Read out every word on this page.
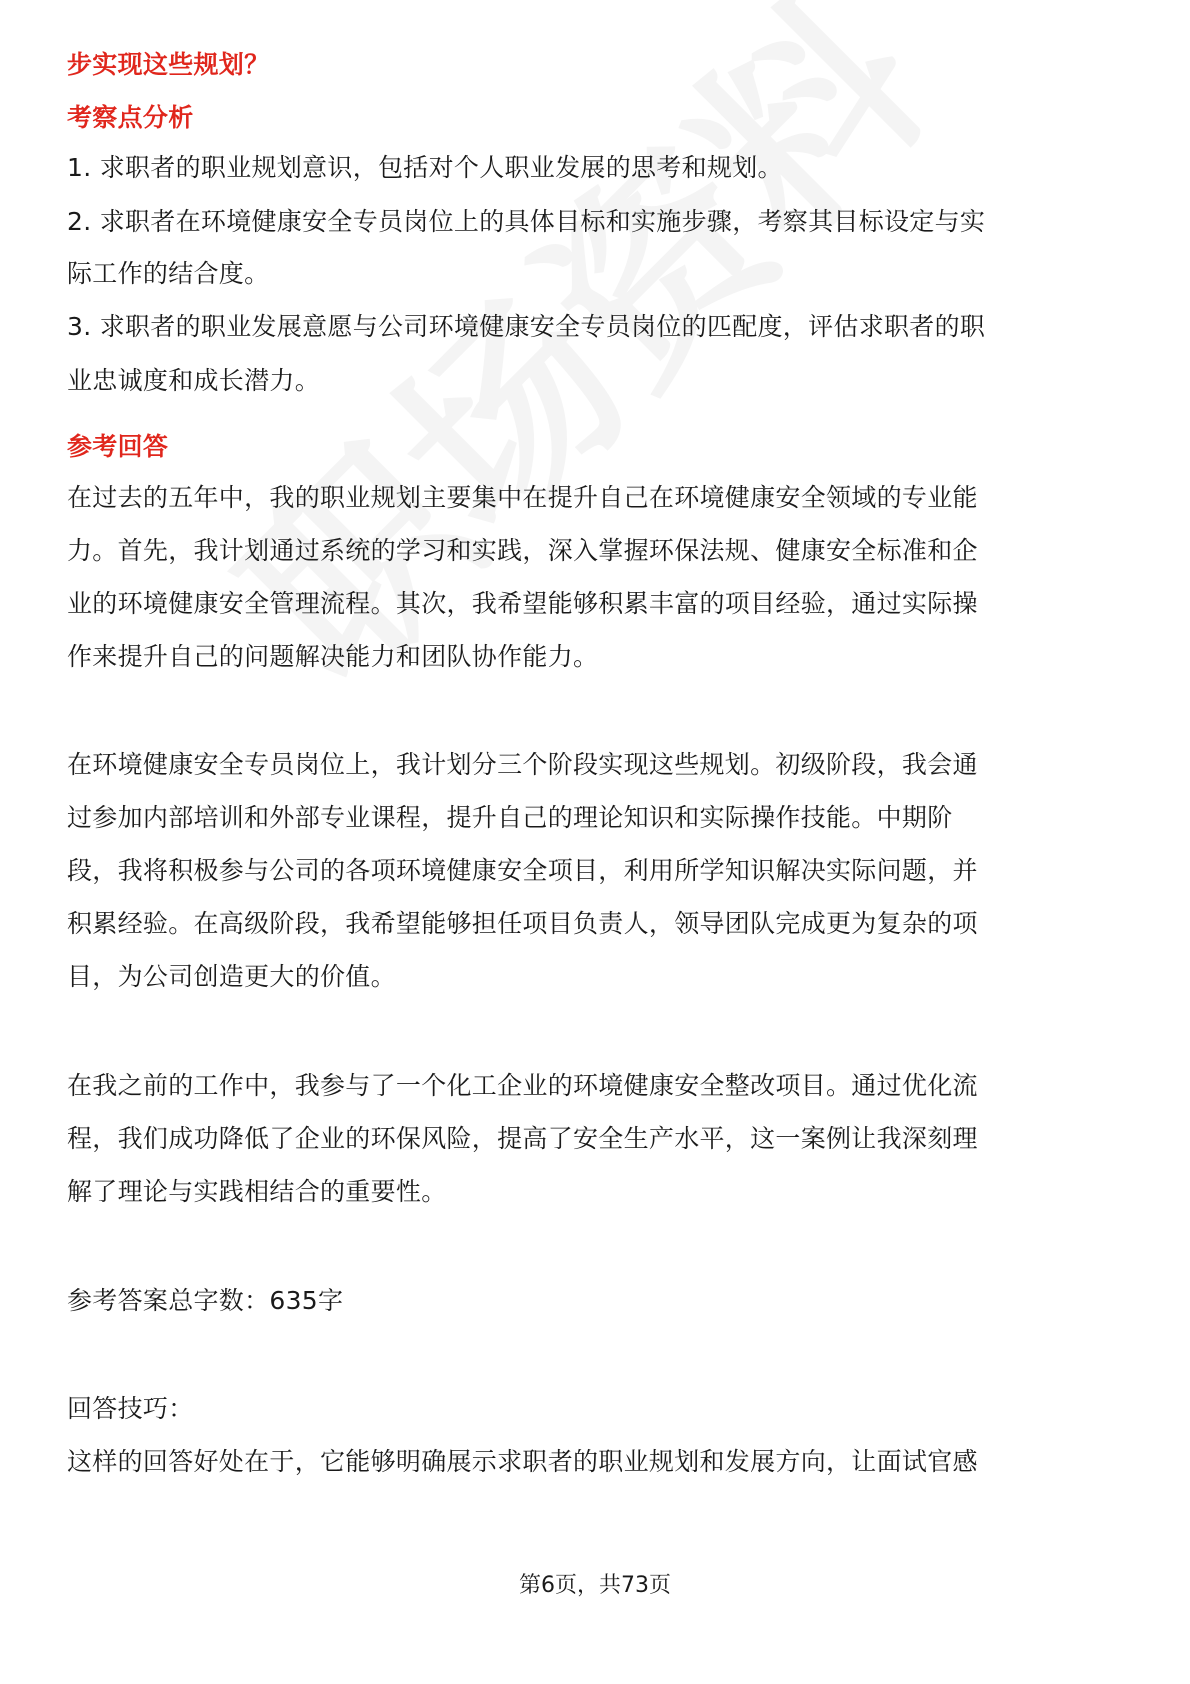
步实现这些规划？

考察点分析

1. 求职者的职业规划意识，包括对个人职业发展的思考和规划。

2. 求职者在环境健康安全专员岗位上的具体目标和实施步骤，考察其目标设定与实

际工作的结合度。

3. 求职者的职业发展意愿与公司环境健康安全专员岗位的匹配度，评估求职者的职

业忠诚度和成长潜力。

参考回答

在过去的五年中，我的职业规划主要集中在提升自己在环境健康安全领域的专业能

力。首先，我计划通过系统的学习和实践，深入掌握环保法规、健康安全标准和企

业的环境健康安全管理流程。其次，我希望能够积累丰富的项目经验，通过实际操

作来提升自己的问题解决能力和团队协作能力。

在环境健康安全专员岗位上，我计划分三个阶段实现这些规划。初级阶段，我会通

过参加内部培训和外部专业课程，提升自己的理论知识和实际操作技能。中期阶

段，我将积极参与公司的各项环境健康安全项目，利用所学知识解决实际问题，并

积累经验。在高级阶段，我希望能够担任项目负责人，领导团队完成更为复杂的项

目，为公司创造更大的价值。

在我之前的工作中，我参与了一个化工企业的环境健康安全整改项目。通过优化流

程，我们成功降低了企业的环保风险，提高了安全生产水平，这一案例让我深刻理

解了理论与实践相结合的重要性。

参考答案总字数：635字

回答技巧：

这样的回答好处在于，它能够明确展示求职者的职业规划和发展方向，让面试官感

第6页，共73页
